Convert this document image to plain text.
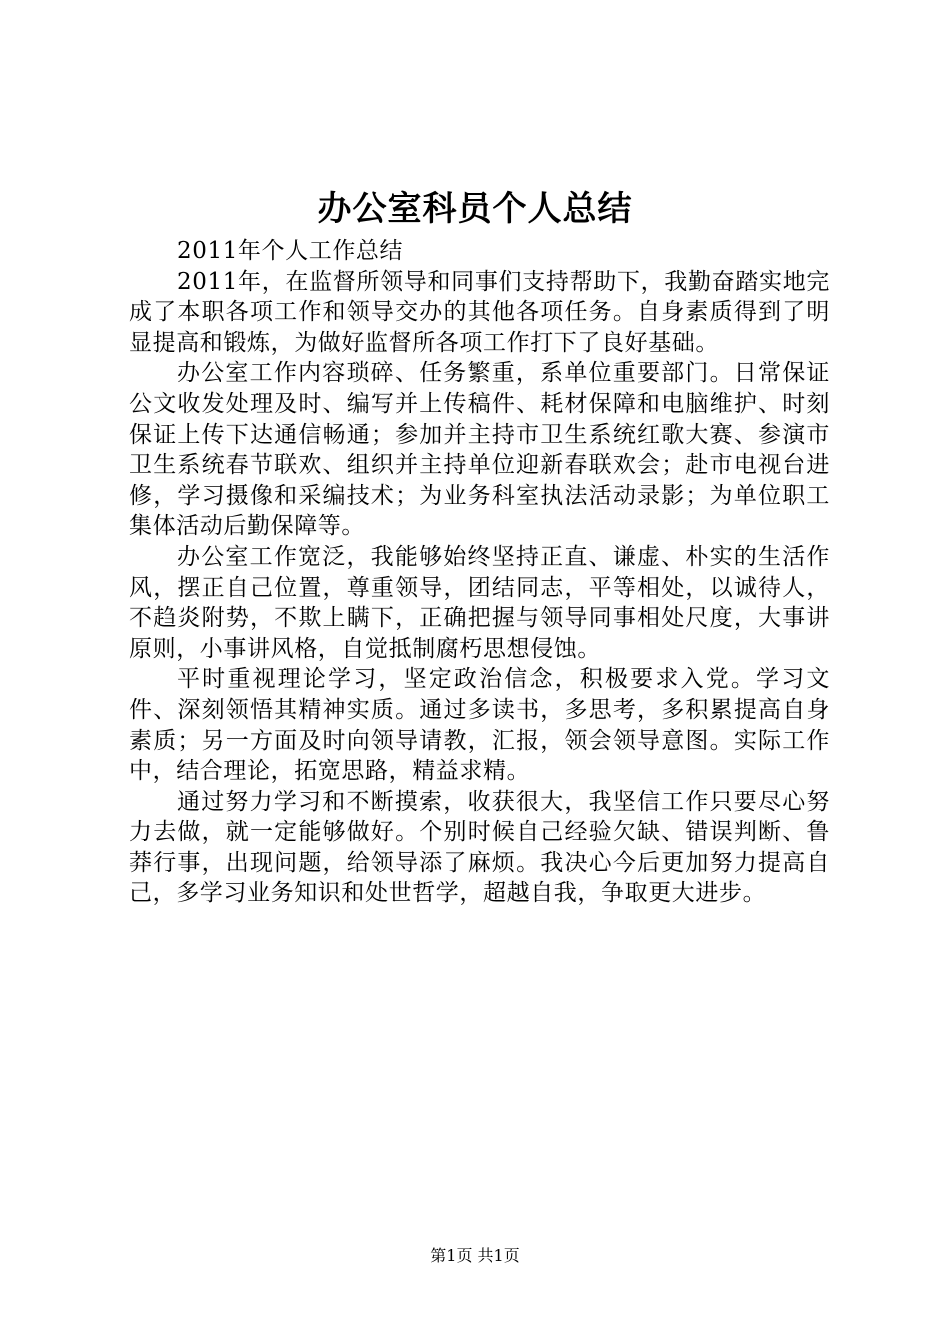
办公室科员个人总结

2011年个人工作总结

2011年，在监督所领导和同事们支持帮助下，我勤奋踏实地完成了本职各项工作和领导交办的其他各项任务。自身素质得到了明显提高和锻炼，为做好监督所各项工作打下了良好基础。

办公室工作内容琐碎、任务繁重，系单位重要部门。日常保证公文收发处理及时、编写并上传稿件、耗材保障和电脑维护、时刻保证上传下达通信畅通；参加并主持市卫生系统红歌大赛、参演市卫生系统春节联欢、组织并主持单位迎新春联欢会；赴市电视台进修，学习摄像和采编技术；为业务科室执法活动录影；为单位职工集体活动后勤保障等。

办公室工作宽泛，我能够始终坚持正直、谦虚、朴实的生活作风，摆正自己位置，尊重领导，团结同志，平等相处，以诚待人，不趋炎附势，不欺上瞒下，正确把握与领导同事相处尺度，大事讲原则，小事讲风格，自觉抵制腐朽思想侵蚀。

平时重视理论学习，坚定政治信念，积极要求入党。学习文件、深刻领悟其精神实质。通过多读书，多思考，多积累提高自身素质；另一方面及时向领导请教，汇报，领会领导意图。实际工作中，结合理论，拓宽思路，精益求精。

通过努力学习和不断摸索，收获很大，我坚信工作只要尽心努力去做，就一定能够做好。个别时候自己经验欠缺、错误判断、鲁莽行事，出现问题，给领导添了麻烦。我决心今后更加努力提高自己，多学习业务知识和处世哲学，超越自我，争取更大进步。

第1页 共1页
